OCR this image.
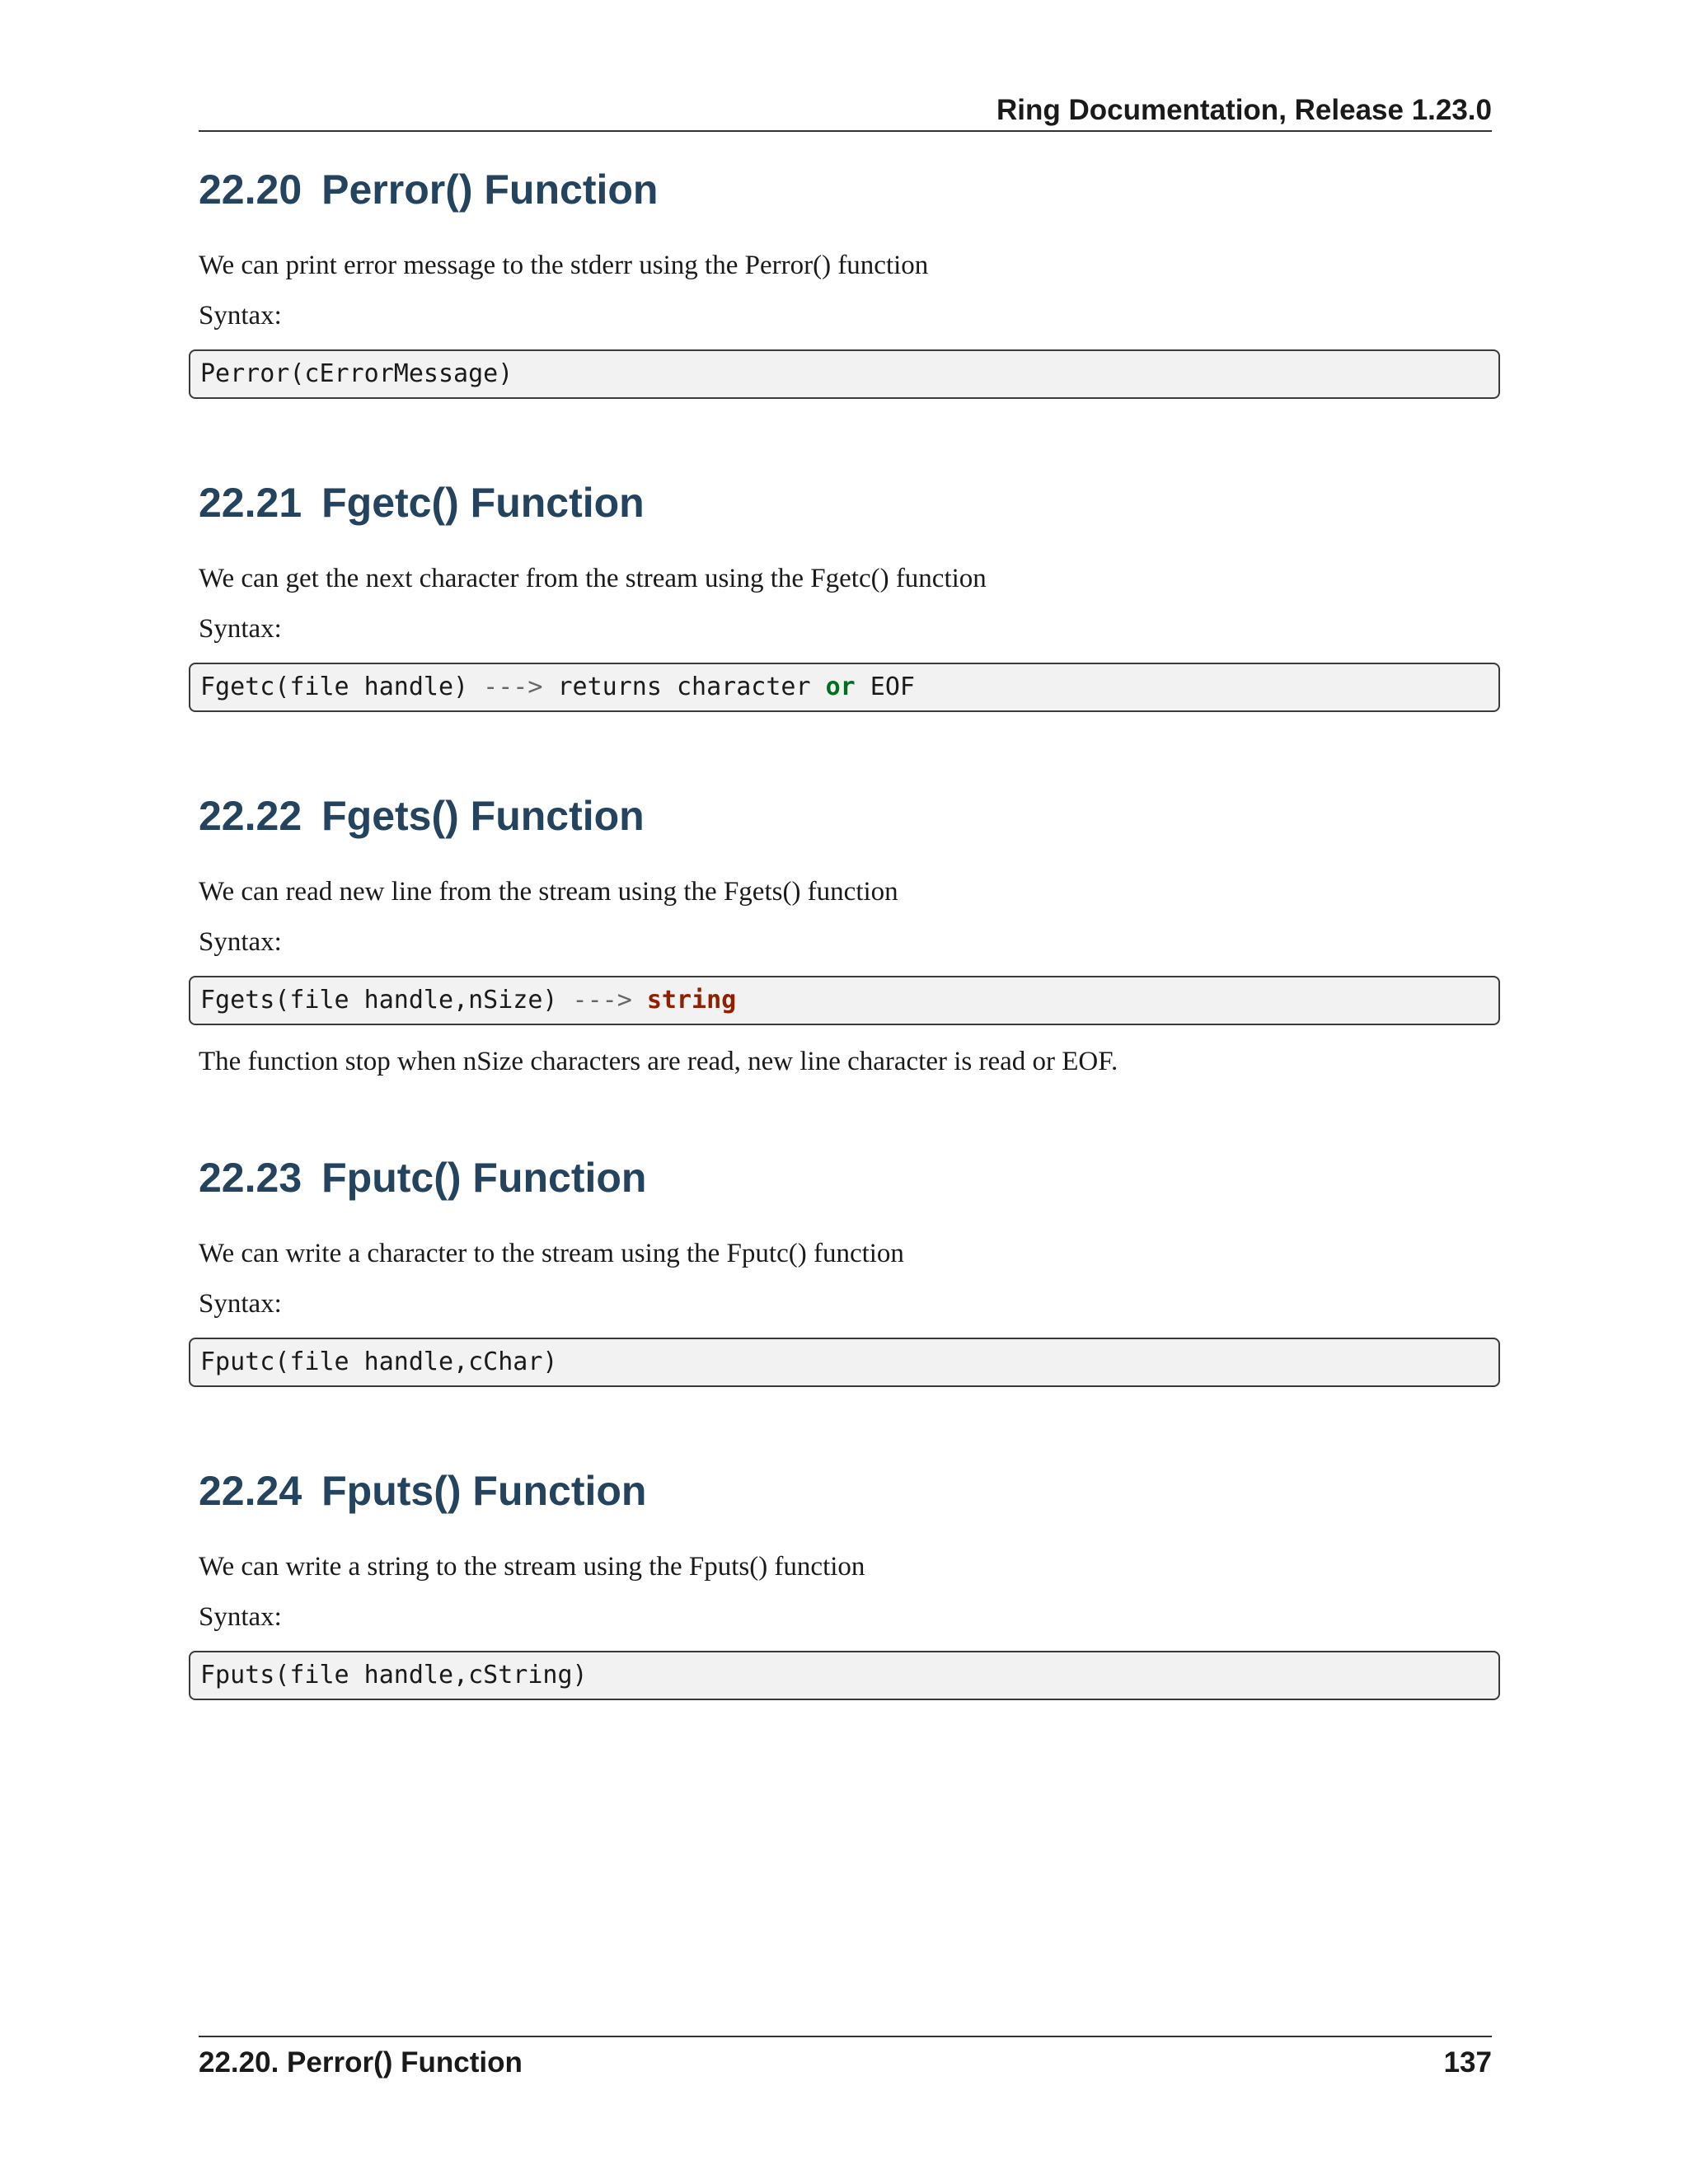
Ring Documentation, Release 1.23.0
22.20 Perror() Function

We can print error message to the stderr using the Perror() function

Syntax:

Perror(cErrorMessage)
22.21 Fgetc() Function

We can get the next character from the stream using the Fgetc() function

Syntax:

Fgetc(file handle) ---> returns character or EOF
22.22 Fgets() Function

We can read new line from the stream using the Fgets() function

Syntax:

Fgets(file handle,nSize) ---> string

The function stop when nSize characters are read, new line character is read or EOF.

22.23 Fputc() Function

We can write a character to the stream using the Fputc() function

Syntax:

Fputc(file handle,cChar)
22.24 Fputs() Function

We can write a string to the stream using the Fputs() function

Syntax:

Fputs(file handle,cString)
22.20. Perror() Function	137
